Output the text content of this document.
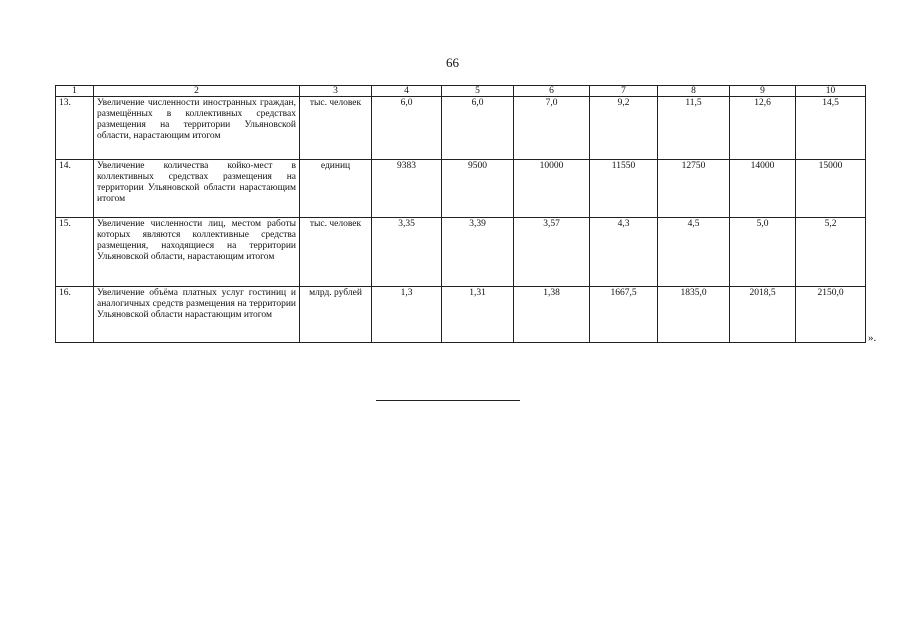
66
1	2	3	4	5	6	7	8	9	10
13.	Увеличение численности иностранных граждан, размещённых в коллективных средствах размещения на территории Ульяновской области, нарастающим итогом	тыс. человек	6,0	6,0	7,0	9,2	11,5	12,6	14,5
14.	Увеличение количества койко-мест в коллективных средствах размещения на территории Ульяновской области нарастающим итогом	единиц	9383	9500	10000	11550	12750	14000	15000
15.	Увеличение численности лиц, местом работы которых являются коллективные средства размещения, находящиеся на территории Ульяновской области, нарастающим итогом	тыс. человек	3,35	3,39	3,57	4,3	4,5	5,0	5,2
16.	Увеличение объёма платных услуг гостиниц и аналогичных средств размещения на территории Ульяновской области нарастающим итогом	млрд. рублей	1,3	1,31	1,38	1667,5	1835,0	2018,5	2150,0
».
